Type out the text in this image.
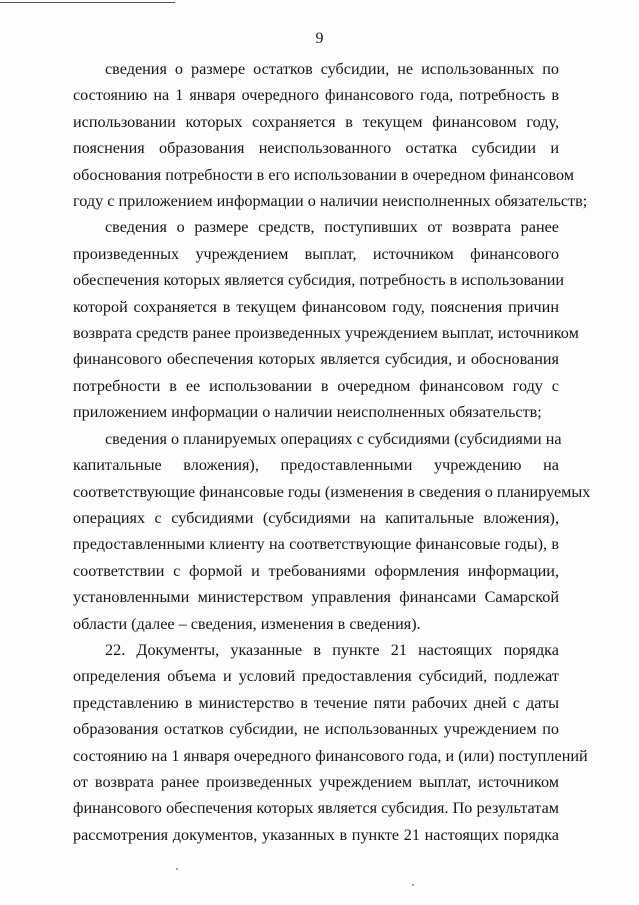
9

сведения о размере остатков субсидии, не использованных по
состоянию на 1 января очередного финансового года, потребность в
использовании которых сохраняется в текущем финансовом году,
пояснения образования неиспользованного остатка субсидии и
обоснования потребности в его использовании в очередном финансовом
году с приложением информации о наличии неисполненных обязательств;

сведения о размере средств, поступивших от возврата ранее
произведенных учреждением выплат, источником финансового
обеспечения которых является субсидия, потребность в использовании
которой сохраняется в текущем финансовом году, пояснения причин
возврата средств ранее произведенных учреждением выплат, источником
финансового обеспечения которых является субсидия, и обоснования
потребности в ее использовании в очередном финансовом году с
приложением информации о наличии неисполненных обязательств;

сведения о планируемых операциях с субсидиями (субсидиями на
капитальные вложения), предоставленными учреждению на
соответствующие финансовые годы (изменения в сведения о планируемых
операциях с субсидиями (субсидиями на капитальные вложения),
предоставленными клиенту на соответствующие финансовые годы), в
соответствии с формой и требованиями оформления информации,
установленными министерством управления финансами Самарской
области (далее – сведения, изменения в сведения).

22. Документы, указанные в пункте 21 настоящих порядка
определения объема и условий предоставления субсидий, подлежат
представлению в министерство в течение пяти рабочих дней с даты
образования остатков субсидии, не использованных учреждением по
состоянию на 1 января очередного финансового года, и (или) поступлений
от возврата ранее произведенных учреждением выплат, источником
финансового обеспечения которых является субсидия. По результатам
рассмотрения документов, указанных в пункте 21 настоящих порядка
